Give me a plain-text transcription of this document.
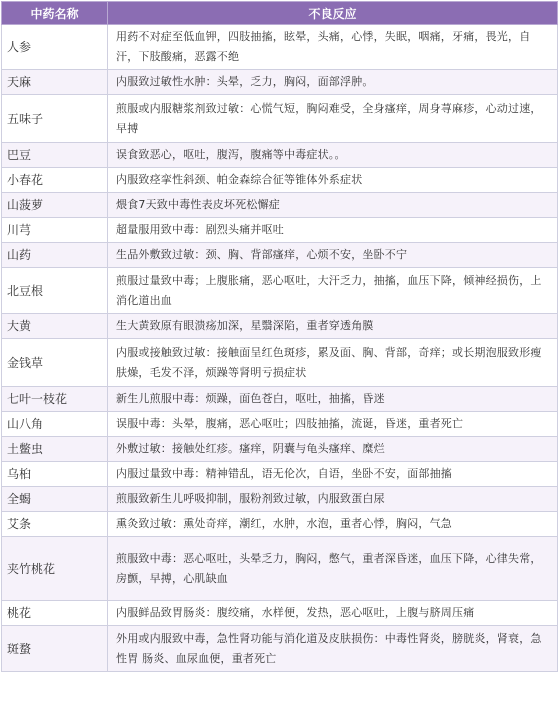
中药名称	不良反应
人参	用药不对症至低血钾，四肢抽搐，眩晕，头痛，心悸，失眠，咽痛，牙痛，畏光，自汗，下肢酸痛，恶露不绝
天麻	内服致过敏性水肿：头晕，乏力，胸闷，面部浮肿。
五味子	煎服或内服糖浆剂致过敏：心慌气短，胸闷难受，全身瘙痒，周身荨麻疹，心动过速，早搏
巴豆	误食致恶心，呕吐，腹泻，腹痛等中毒症状。。
小春花	内服致痉挛性斜颈、帕金森综合征等锥体外系症状
山菠萝	煨食7天致中毒性表皮坏死松懈症
川芎	超量服用致中毒：剧烈头痛并呕吐
山药	生品外敷致过敏：颈、胸、背部瘙痒，心烦不安，坐卧不宁
北豆根	煎服过量致中毒；上腹胀痛，恶心呕吐，大汗乏力，抽搐，血压下降，倾神经损伤，上消化道出血
大黄	生大黄致原有眼溃疡加深，星翳深陷，重者穿透角膜
金钱草	内服或接触致过敏：接触面呈红色斑疹，累及面、胸、背部，奇痒；或长期泡服致形瘦肤燥，毛发不泽，烦躁等肾明亏损症状
七叶一枝花	新生儿煎服中毒：烦躁，面色苍白，呕吐，抽搐，昏迷
山八角	误服中毒：头晕，腹痛，恶心呕吐；四肢抽搐，流诞，昏迷，重者死亡
土鳖虫	外敷过敏：接触处红疹。瘙痒，阴囊与龟头瘙痒、糜烂
乌桕	内服过量致中毒：精神错乱，语无伦次，自语，坐卧不安，面部抽搐
全蝎	煎服致新生儿呼吸抑制，服粉剂致过敏，内服致蛋白尿
艾条	熏灸致过敏：熏处奇痒，潮红，水肿，水泡，重者心悸，胸闷，气急
夹竹桃花	煎服致中毒：恶心呕吐，头晕乏力，胸闷，憋气，重者深昏迷，血压下降，心律失常，房颤，早搏，心肌缺血
桃花	内服鲜品致胃肠炎：腹绞痛，水样便，发热，恶心呕吐，上腹与脐周压痛
斑蝥	外用或内服致中毒，急性肾功能与消化道及皮肤损伤：中毒性肾炎，膀胱炎，肾衰，急性胃 肠炎、血尿血便，重者死亡
